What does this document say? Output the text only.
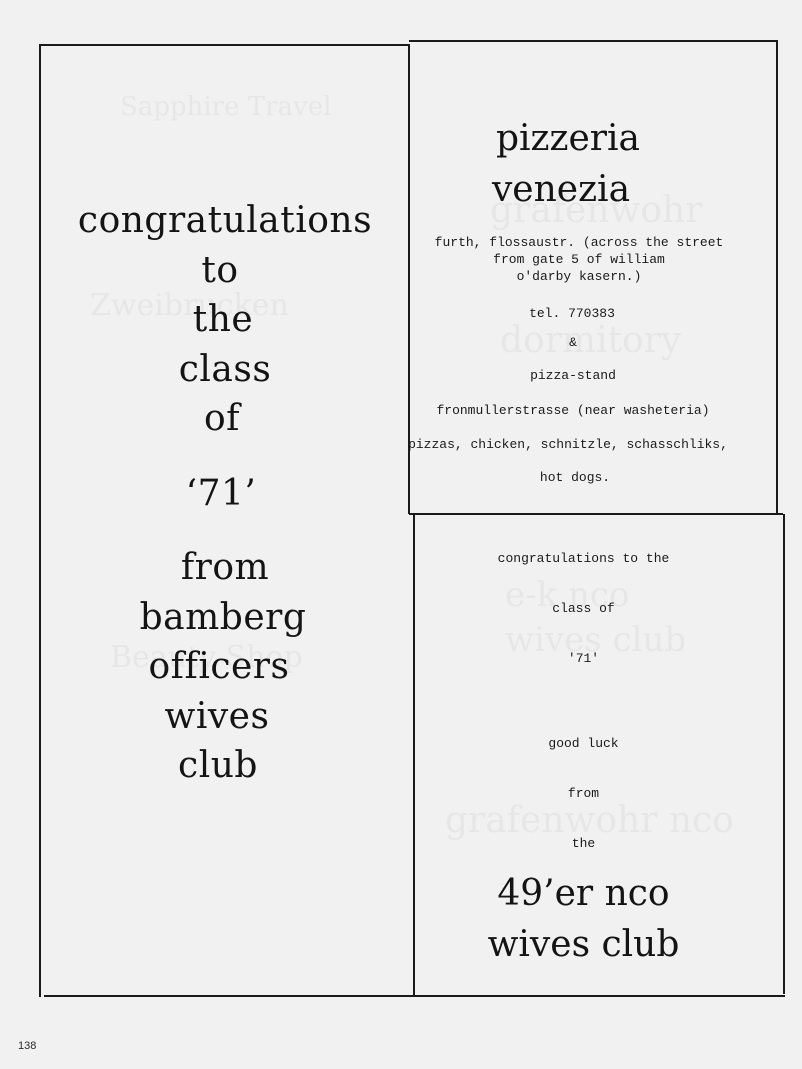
congratulations
to
the
class
of
‘71’
from
bamberg
officers
wives
club
pizzeria
venezia
furth, flossaustr. (across the street
from gate 5 of william
o'darby kasern.)
tel. 770383
&
pizza-stand
fronmullerstrasse (near washeteria)
pizzas, chicken, schnitzle, schasschliks,
hot dogs.
congratulations to the
class of
'71'
good luck
from
the
49’er nco
wives club
138
